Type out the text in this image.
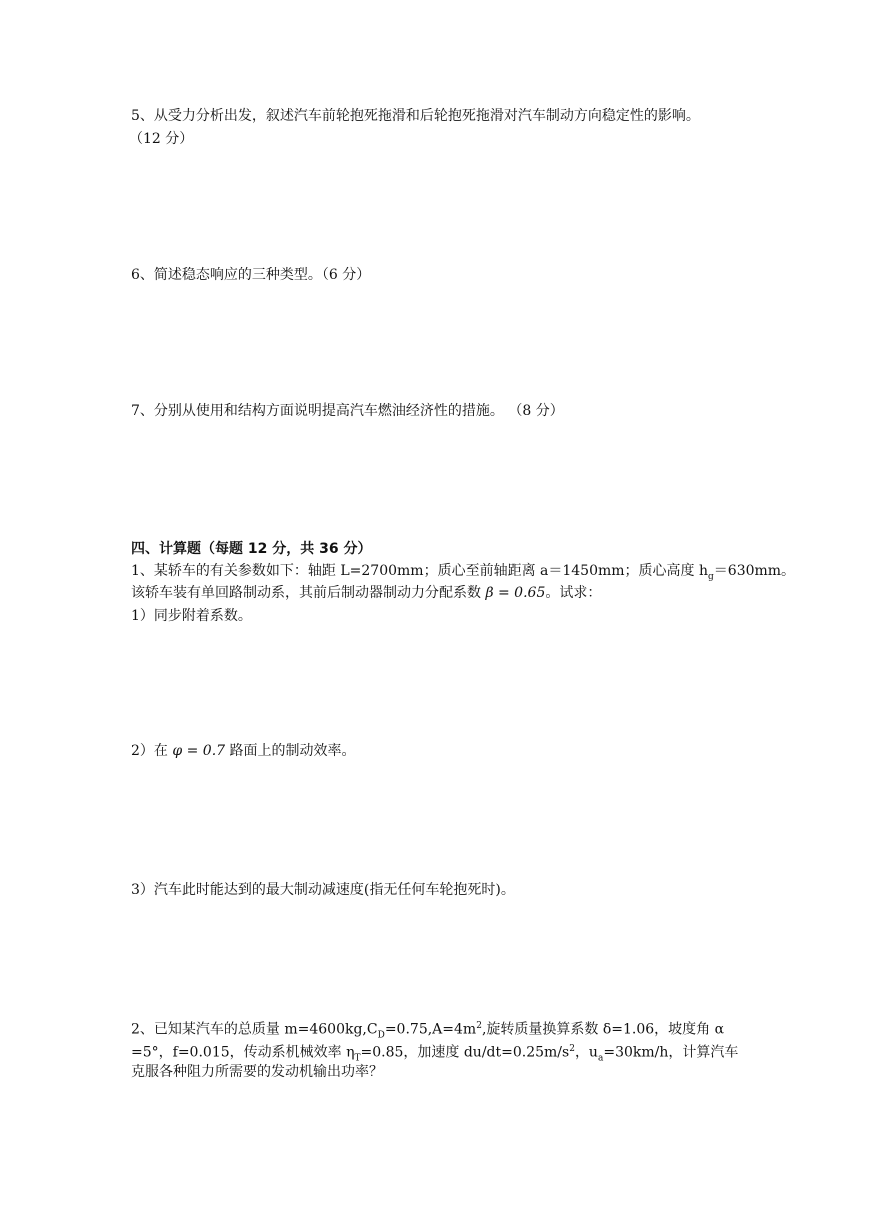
5、从受力分析出发，叙述汽车前轮抱死拖滑和后轮抱死拖滑对汽车制动方向稳定性的影响。
（12 分）
6、简述稳态响应的三种类型。（6 分）
7、分别从使用和结构方面说明提高汽车燃油经济性的措施。 （8 分）
四、计算题（每题 12 分，共 36 分）
1、某轿车的有关参数如下：轴距 L=2700mm；质心至前轴距离 a＝1450mm；质心高度 $h_g=630mm$。
该轿车装有单回路制动系，其前后制动器制动力分配系数 β = 0.65。试求：
1）同步附着系数。
2）在 φ = 0.7 路面上的制动效率。
3）汽车此时能达到的最大制动减速度(指无任何车轮抱死时)。
2、已知某汽车的总质量 $m=4600kg,C_D=0.75,A=4m^2$,旋转质量换算系数 δ=1.06，坡度角 α
=5°，f=0.015，传动系机械效率 $\eta_T=0.85$，加速度 $du/dt=0.25m/s^2$，$u_a=30km/h$，计算汽车
克服各种阻力所需要的发动机输出功率？
